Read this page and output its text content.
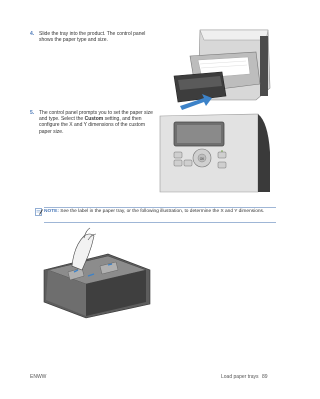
4. Slide the tray into the product. The control panel shows the paper type and size.
5. The control panel prompts you to set the paper size and type. Select the Custom setting, and then configure the X and Y dimensions of the custom paper size.
OK
NOTE: See the label in the paper tray, or the following illustration, to determine the X and Y dimensions.
ENWW	Load paper trays 89
